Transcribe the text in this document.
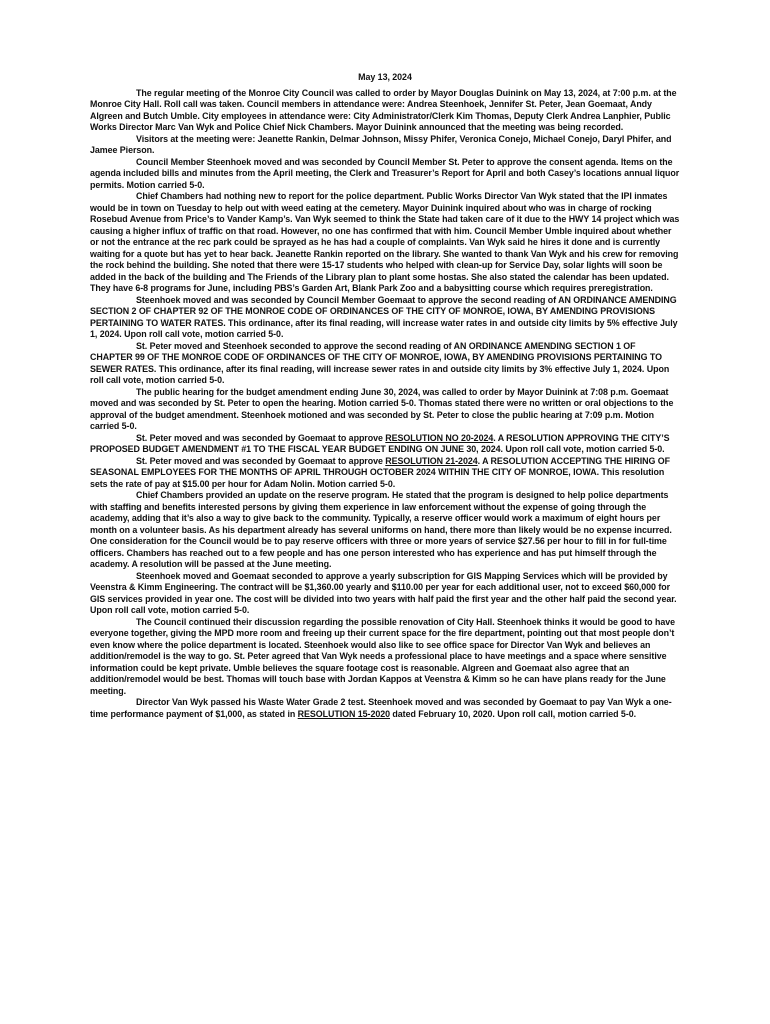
May 13, 2024

The regular meeting of the Monroe City Council was called to order by Mayor Douglas Duinink on May 13, 2024, at 7:00 p.m. at the Monroe City Hall. Roll call was taken. Council members in attendance were: Andrea Steenhoek, Jennifer St. Peter, Jean Goemaat, Andy Algreen and Butch Umble. City employees in attendance were: City Administrator/Clerk Kim Thomas, Deputy Clerk Andrea Lanphier, Public Works Director Marc Van Wyk and Police Chief Nick Chambers. Mayor Duinink announced that the meeting was being recorded.

Visitors at the meeting were: Jeanette Rankin, Delmar Johnson, Missy Phifer, Veronica Conejo, Michael Conejo, Daryl Phifer, and Jamee Pierson.

Council Member Steenhoek moved and was seconded by Council Member St. Peter to approve the consent agenda. Items on the agenda included bills and minutes from the April meeting, the Clerk and Treasurer’s Report for April and both Casey’s locations annual liquor permits. Motion carried 5-0.

Chief Chambers had nothing new to report for the police department. Public Works Director Van Wyk stated that the IPI inmates would be in town on Tuesday to help out with weed eating at the cemetery. Mayor Duinink inquired about who was in charge of rocking Rosebud Avenue from Price’s to Vander Kamp’s. Van Wyk seemed to think the State had taken care of it due to the HWY 14 project which was causing a higher influx of traffic on that road. However, no one has confirmed that with him. Council Member Umble inquired about whether or not the entrance at the rec park could be sprayed as he has had a couple of complaints. Van Wyk said he hires it done and is currently waiting for a quote but has yet to hear back. Jeanette Rankin reported on the library. She wanted to thank Van Wyk and his crew for removing the rock behind the building. She noted that there were 15-17 students who helped with clean-up for Service Day, solar lights will soon be added in the back of the building and The Friends of the Library plan to plant some hostas. She also stated the calendar has been updated. They have 6-8 programs for June, including PBS’s Garden Art, Blank Park Zoo and a babysitting course which requires preregistration.

Steenhoek moved and was seconded by Council Member Goemaat to approve the second reading of AN ORDINANCE AMENDING SECTION 2 OF CHAPTER 92 OF THE MONROE CODE OF ORDINANCES OF THE CITY OF MONROE, IOWA, BY AMENDING PROVISIONS PERTAINING TO WATER RATES. This ordinance, after its final reading, will increase water rates in and outside city limits by 5% effective July 1, 2024. Upon roll call vote, motion carried 5-0.

St. Peter moved and Steenhoek seconded to approve the second reading of AN ORDINANCE AMENDING SECTION 1 OF CHAPTER 99 OF THE MONROE CODE OF ORDINANCES OF THE CITY OF MONROE, IOWA, BY AMENDING PROVISIONS PERTAINING TO SEWER RATES. This ordinance, after its final reading, will increase sewer rates in and outside city limits by 3% effective July 1, 2024. Upon roll call vote, motion carried 5-0.

The public hearing for the budget amendment ending June 30, 2024, was called to order by Mayor Duinink at 7:08 p.m. Goemaat moved and was seconded by St. Peter to open the hearing. Motion carried 5-0. Thomas stated there were no written or oral objections to the approval of the budget amendment. Steenhoek motioned and was seconded by St. Peter to close the public hearing at 7:09 p.m. Motion carried 5-0.

St. Peter moved and was seconded by Goemaat to approve RESOLUTION NO 20-2024. A RESOLUTION APPROVING THE CITY’S PROPOSED BUDGET AMENDMENT #1 TO THE FISCAL YEAR BUDGET ENDING ON JUNE 30, 2024. Upon roll call vote, motion carried 5-0.

St. Peter moved and was seconded by Goemaat to approve RESOLUTION 21-2024. A RESOLUTION ACCEPTING THE HIRING OF SEASONAL EMPLOYEES FOR THE MONTHS OF APRIL THROUGH OCTOBER 2024 WITHIN THE CITY OF MONROE, IOWA. This resolution sets the rate of pay at $15.00 per hour for Adam Nolin. Motion carried 5-0.

Chief Chambers provided an update on the reserve program. He stated that the program is designed to help police departments with staffing and benefits interested persons by giving them experience in law enforcement without the expense of going through the academy, adding that it’s also a way to give back to the community. Typically, a reserve officer would work a maximum of eight hours per month on a volunteer basis. As his department already has several uniforms on hand, there more than likely would be no expense incurred. One consideration for the Council would be to pay reserve officers with three or more years of service $27.56 per hour to fill in for full-time officers. Chambers has reached out to a few people and has one person interested who has experience and has put himself through the academy. A resolution will be passed at the June meeting.

Steenhoek moved and Goemaat seconded to approve a yearly subscription for GIS Mapping Services which will be provided by Veenstra & Kimm Engineering. The contract will be $1,360.00 yearly and $110.00 per year for each additional user, not to exceed $60,000 for GIS services provided in year one. The cost will be divided into two years with half paid the first year and the other half paid the second year. Upon roll call vote, motion carried 5-0.

The Council continued their discussion regarding the possible renovation of City Hall. Steenhoek thinks it would be good to have everyone together, giving the MPD more room and freeing up their current space for the fire department, pointing out that most people don’t even know where the police department is located. Steenhoek would also like to see office space for Director Van Wyk and believes an addition/remodel is the way to go. St. Peter agreed that Van Wyk needs a professional place to have meetings and a space where sensitive information could be kept private. Umble believes the square footage cost is reasonable. Algreen and Goemaat also agree that an addition/remodel would be best. Thomas will touch base with Jordan Kappos at Veenstra & Kimm so he can have plans ready for the June meeting.

Director Van Wyk passed his Waste Water Grade 2 test. Steenhoek moved and was seconded by Goemaat to pay Van Wyk a one-time performance payment of $1,000, as stated in RESOLUTION 15-2020 dated February 10, 2020. Upon roll call, motion carried 5-0.
